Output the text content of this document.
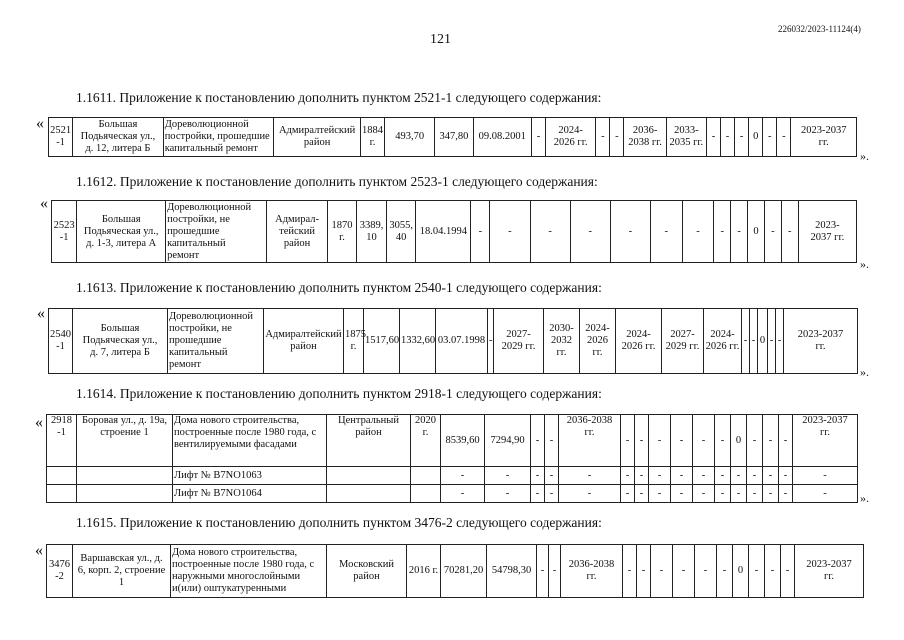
121
226032/2023-11124(4)
1.1611. Приложение к постановлению дополнить пунктом 2521-1 следующего содержания:
« 2521
-1	Большая
Подьяческая ул.,
д. 12, литера Б	Дореволюционной
постройки, прошедшие
капитальный ремонт	Адмиралтейский
район	1884
г.	493,70	347,80	09.08.2001	-	2024-
2026 гг.	-	-	2036-
2038 гг.	2033-
2035 гг.	-	-	-	0	-	-	2023-2037
гг.
».
1.1612. Приложение к постановление дополнить пунктом 2523-1 следующего содержания:
«
2523
-1	Большая
Подьяческая ул.,
д. 1-3, литера А	Дореволюционной
постройки, не
прошедшие
капитальный
ремонт	Адмирал-
тейский
район	1870
г.	3389,
10	3055,
40	18.04.1994	-	-	-	-	-	-	-	-	-	0	-	-	2023-
2037 гг.
».
1.1613. Приложение к постановлению дополнить пунктом 2540-1 следующего содержания:
«
2540
-1	Большая
Подьяческая ул.,
д. 7, литера Б	Дореволюционной
постройки, не
прошедшие
капитальный
ремонт	Адмиралтейский
район	1875
г.	1517,60	1332,60	03.07.1998	-	2027-
2029 гг.	2030-
2032 гг.	2024-
2026 гг.	2024-
2026 гг.	2027-
2029 гг.	2024-
2026 гг.	-	-	0	-	-	2023-2037
гг.
».
1.1614. Приложение к постановлению дополнить пунктом 2918-1 следующего содержания:
« 2918
-1	Боровая ул., д. 19а,
строение 1	Дома нового строительства,
построенные после 1980 года, с
вентилируемыми фасадами	Центральный
район	2020
г.	8539,60	7294,90	-	-	2036-2038
гг.	-	-	-	-	-	-	0	-	-	-	2023-2037
гг.
		Лифт № В7NO1063			-	-	-	-	-	-	-	-	-	-	-	-	-	-	-	-
		Лифт № В7NO1064			-	-	-	-	-	-	-	-	-	-	-	-	-	-	-	-	».
1.1615. Приложение к постановлению дополнить пунктом 3476-2 следующего содержания:
«
3476
-2	Варшавская ул., д.
6, корп. 2, строение
1	Дома нового строительства,
построенные после 1980 года, с
наружными многослойными
и(или) оштукатуренными	Московский
район	2016 г.	70281,20	54798,30	-	-	2036-2038
гг.	-	-	-	-	-	-	0	-	-	-	2023-2037
гг.
